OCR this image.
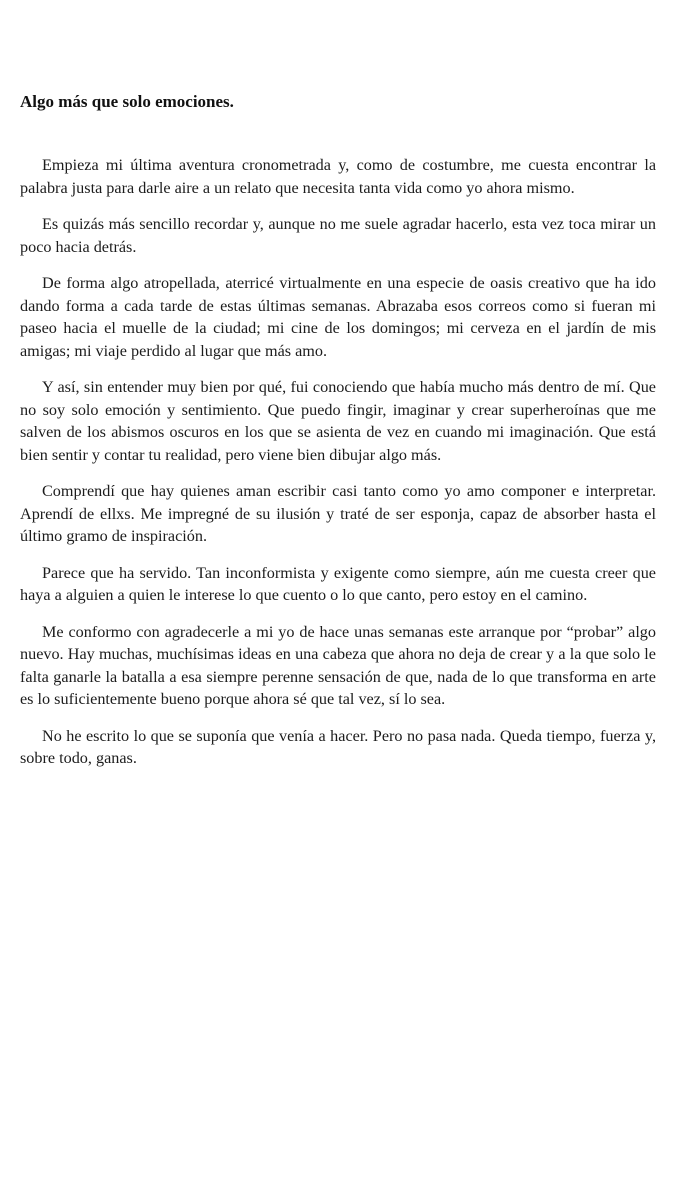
Algo más que solo emociones.

Empieza mi última aventura cronometrada y, como de costumbre, me cuesta encontrar la palabra justa para darle aire a un relato que necesita tanta vida como yo ahora mismo.

Es quizás más sencillo recordar y, aunque no me suele agradar hacerlo, esta vez toca mirar un poco hacia detrás.

De forma algo atropellada, aterricé virtualmente en una especie de oasis creativo que ha ido dando forma a cada tarde de estas últimas semanas. Abrazaba esos correos como si fueran mi paseo hacia el muelle de la ciudad; mi cine de los domingos; mi cerveza en el jardín de mis amigas; mi viaje perdido al lugar que más amo.

Y así, sin entender muy bien por qué, fui conociendo que había mucho más dentro de mí. Que no soy solo emoción y sentimiento. Que puedo fingir, imaginar y crear superheroínas que me salven de los abismos oscuros en los que se asienta de vez en cuando mi imaginación. Que está bien sentir y contar tu realidad, pero viene bien dibujar algo más.

Comprendí que hay quienes aman escribir casi tanto como yo amo componer e interpretar. Aprendí de ellxs. Me impregné de su ilusión y traté de ser esponja, capaz de absorber hasta el último gramo de inspiración.

Parece que ha servido. Tan inconformista y exigente como siempre, aún me cuesta creer que haya a alguien a quien le interese lo que cuento o lo que canto, pero estoy en el camino.

Me conformo con agradecerle a mi yo de hace unas semanas este arranque por “probar” algo nuevo. Hay muchas, muchísimas ideas en una cabeza que ahora no deja de crear y a la que solo le falta ganarle la batalla a esa siempre perenne sensación de que, nada de lo que transforma en arte es lo suficientemente bueno porque ahora sé que tal vez, sí lo sea.

No he escrito lo que se suponía que venía a hacer. Pero no pasa nada. Queda tiempo, fuerza y, sobre todo, ganas.
